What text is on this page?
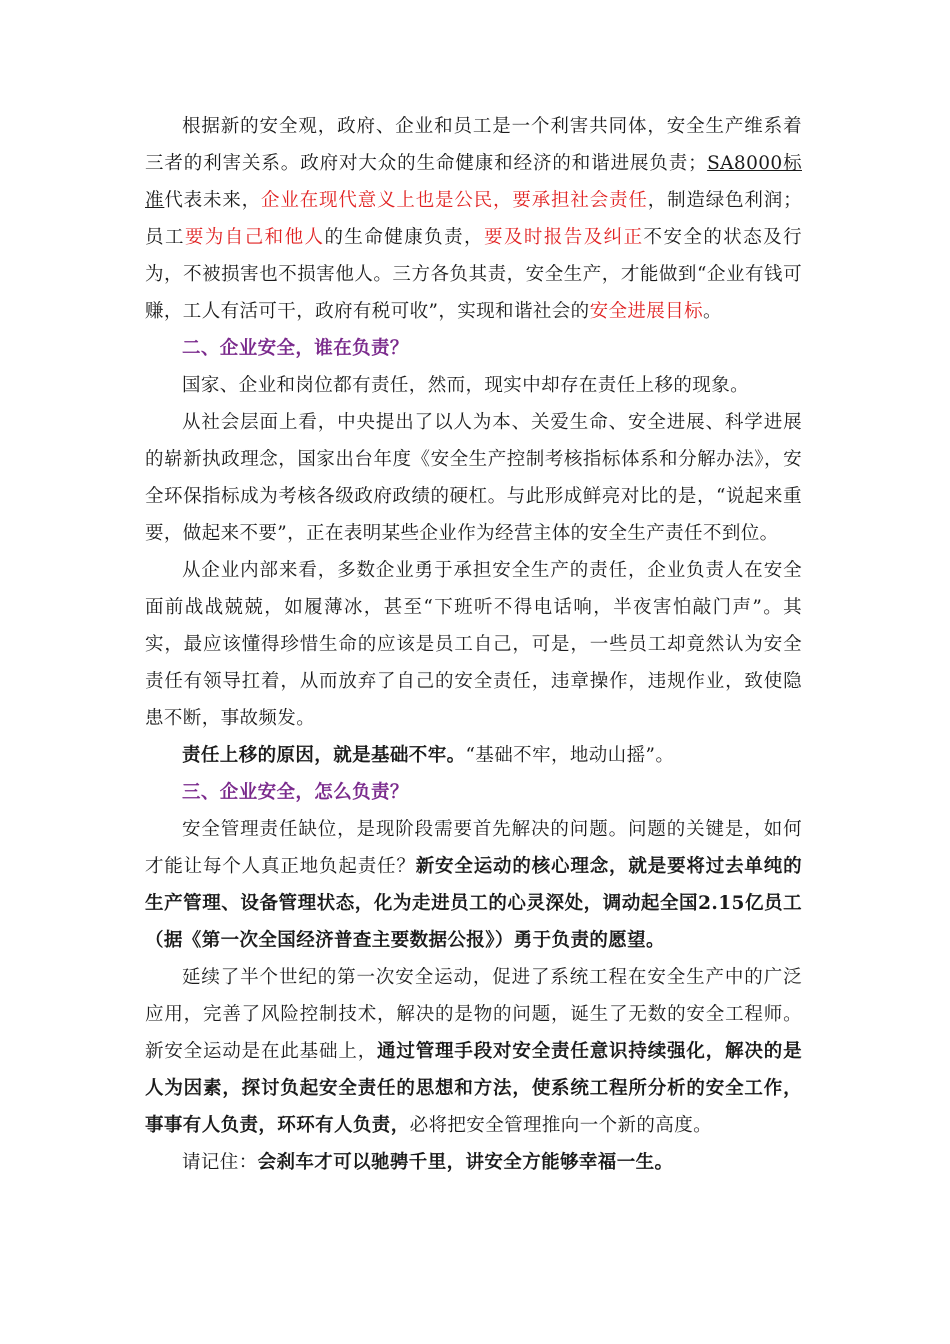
根据新的安全观，政府、企业和员工是一个利害共同体，安全生产维系着三者的利害关系。政府对大众的生命健康和经济的和谐进展负责；SA8000标准代表未来，企业在现代意义上也是公民，要承担社会责任，制造绿色利润；员工要为自己和他人的生命健康负责，要及时报告及纠正不安全的状态及行为，不被损害也不损害他人。三方各负其责，安全生产，才能做到“企业有钱可赚，工人有活可干，政府有税可收”，实现和谐社会的安全进展目标。

二、企业安全，谁在负责？

国家、企业和岗位都有责任，然而，现实中却存在责任上移的现象。

从社会层面上看，中央提出了以人为本、关爱生命、安全进展、科学进展的崭新执政理念，国家出台年度《安全生产控制考核指标体系和分解办法》，安全环保指标成为考核各级政府政绩的硬杠。与此形成鲜亮对比的是，“说起来重要，做起来不要”，正在表明某些企业作为经营主体的安全生产责任不到位。

从企业内部来看，多数企业勇于承担安全生产的责任，企业负责人在安全面前战战兢兢，如履薄冰，甚至“下班听不得电话响，半夜害怕敲门声”。其实，最应该懂得珍惜生命的应该是员工自己，可是，一些员工却竟然认为安全责任有领导扛着，从而放弃了自己的安全责任，违章操作，违规作业，致使隐患不断，事故频发。

责任上移的原因，就是基础不牢。“基础不牢，地动山摇”。

三、企业安全，怎么负责？

安全管理责任缺位，是现阶段需要首先解决的问题。问题的关键是，如何才能让每个人真正地负起责任？新安全运动的核心理念，就是要将过去单纯的生产管理、设备管理状态，化为走进员工的心灵深处，调动起全国2.15亿员工（据《第一次全国经济普查主要数据公报》）勇于负责的愿望。

延续了半个世纪的第一次安全运动，促进了系统工程在安全生产中的广泛应用，完善了风险控制技术，解决的是物的问题，诞生了无数的安全工程师。新安全运动是在此基础上，通过管理手段对安全责任意识持续强化，解决的是人为因素，探讨负起安全责任的思想和方法，使系统工程所分析的安全工作，事事有人负责，环环有人负责，必将把安全管理推向一个新的高度。

请记住：会刹车才可以驰骋千里，讲安全方能够幸福一生。
